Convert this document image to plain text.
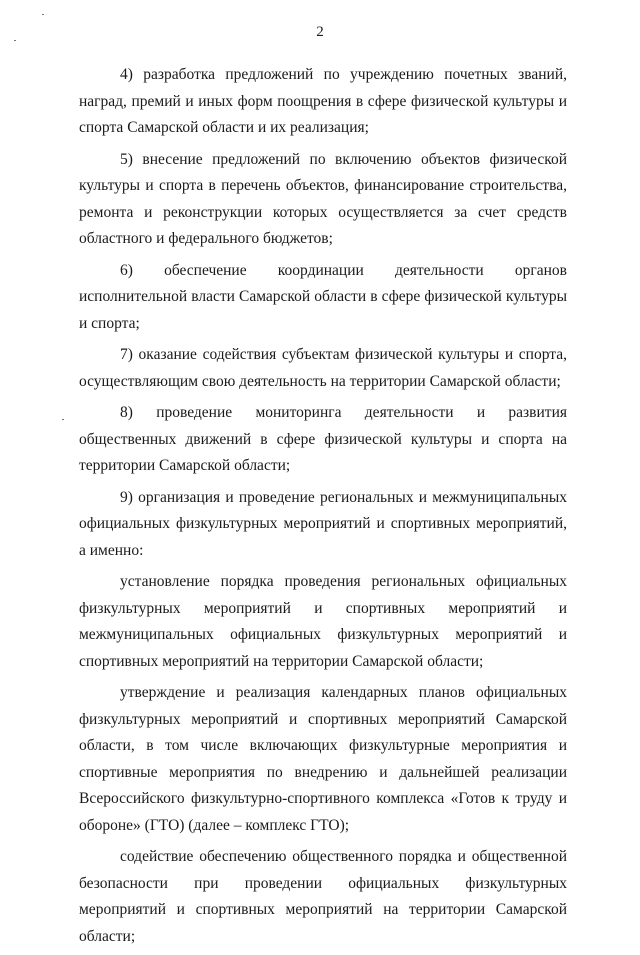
2

4) разработка предложений по учреждению почетных званий, наград, премий и иных форм поощрения в сфере физической культуры и спорта Самарской области и их реализация;

5) внесение предложений по включению объектов физической культуры и спорта в перечень объектов, финансирование строительства, ремонта и реконструкции которых осуществляется за счет средств областного и федерального бюджетов;

6) обеспечение координации деятельности органов исполнительной власти Самарской области в сфере физической культуры и спорта;

7) оказание содействия субъектам физической культуры и спорта, осуществляющим свою деятельность на территории Самарской области;

8) проведение мониторинга деятельности и развития общественных движений в сфере физической культуры и спорта на территории Самарской области;

9) организация и проведение региональных и межмуниципальных официальных физкультурных мероприятий и спортивных мероприятий, а именно:

установление порядка проведения региональных официальных физкультурных мероприятий и спортивных мероприятий и межмуниципальных официальных физкультурных мероприятий и спортивных мероприятий на территории Самарской области;

утверждение и реализация календарных планов официальных физкультурных мероприятий и спортивных мероприятий Самарской области, в том числе включающих физкультурные мероприятия и спортивные мероприятия по внедрению и дальнейшей реализации Всероссийского физкультурно-спортивного комплекса «Готов к труду и обороне» (ГТО) (далее – комплекс ГТО);

содействие обеспечению общественного порядка и общественной безопасности при проведении официальных физкультурных мероприятий и спортивных мероприятий на территории Самарской области;
